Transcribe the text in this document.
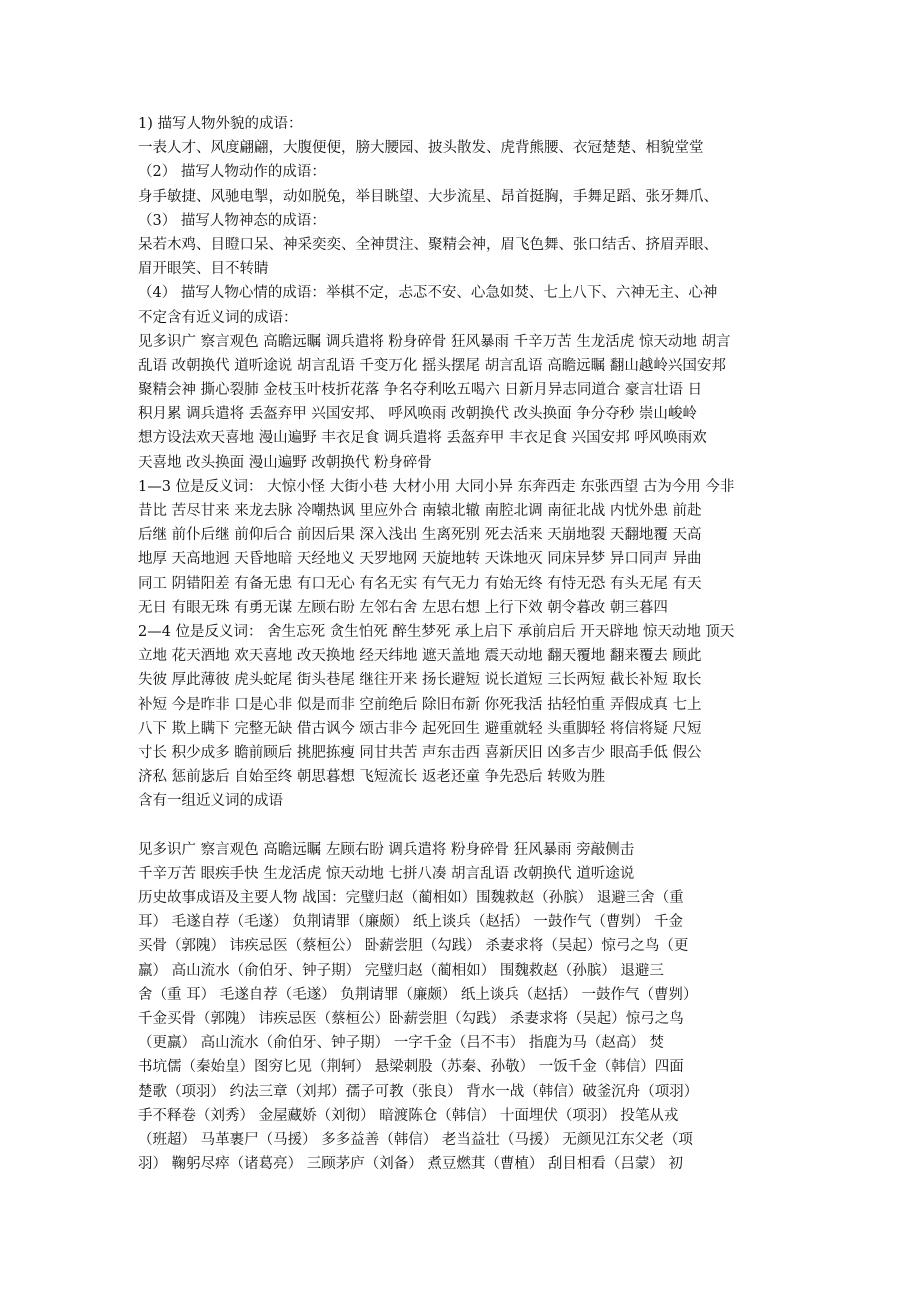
1) 描写人物外貌的成语：
一表人才、风度翩翩，大腹便便，膀大腰园、披头散发、虎背熊腰、衣冠楚楚、相貌堂堂
（2） 描写人物动作的成语：
身手敏捷、风驰电掣，动如脱兔，举目眺望、大步流星、昂首挺胸，手舞足蹈、张牙舞爪、
（3） 描写人物神态的成语：
呆若木鸡、目瞪口呆、神采奕奕、全神贯注、聚精会神，眉飞色舞、张口结舌、挤眉弄眼、
眉开眼笑、目不转睛
（4） 描写人物心情的成语：举棋不定，忐忑不安、心急如焚、七上八下、六神无主、心神
不定含有近义词的成语：
见多识广 察言观色 高瞻远瞩 调兵遣将 粉身碎骨 狂风暴雨 千辛万苦 生龙活虎 惊天动地 胡言
乱语 改朝换代 道听途说 胡言乱语 千变万化 摇头摆尾 胡言乱语 高瞻远瞩 翻山越岭兴国安邦
聚精会神 撕心裂肺 金枝玉叶枝折花落 争名夺利吆五喝六 日新月异志同道合 豪言壮语 日
积月累 调兵遣将 丢盔弃甲 兴国安邦、 呼风唤雨 改朝换代 改头换面 争分夺秒 崇山峻岭
想方设法欢天喜地 漫山遍野 丰衣足食 调兵遣将 丢盔弃甲 丰衣足食 兴国安邦 呼风唤雨欢
天喜地 改头换面 漫山遍野 改朝换代 粉身碎骨
1—3 位是反义词： 大惊小怪 大街小巷 大材小用 大同小异 东奔西走 东张西望 古为今用 今非
昔比 苦尽甘来 来龙去脉 冷嘲热讽 里应外合 南辕北辙 南腔北调 南征北战 内忧外患 前赴
后继 前仆后继 前仰后合 前因后果 深入浅出 生离死别 死去活来 天崩地裂 天翻地覆 天高
地厚 天高地迥 天昏地暗 天经地义 天罗地网 天旋地转 天诛地灭 同床异梦 异口同声 异曲
同工 阴错阳差 有备无患 有口无心 有名无实 有气无力 有始无终 有恃无恐 有头无尾 有天
无日 有眼无珠 有勇无谋 左顾右盼 左邻右舍 左思右想 上行下效 朝令暮改 朝三暮四
2—4 位是反义词： 舍生忘死 贪生怕死 醉生梦死 承上启下 承前启后 开天辟地 惊天动地 顶天
立地 花天酒地 欢天喜地 改天换地 经天纬地 遮天盖地 震天动地 翻天覆地 翻来覆去 顾此
失彼 厚此薄彼 虎头蛇尾 街头巷尾 继往开来 扬长避短 说长道短 三长两短 截长补短 取长
补短 今是昨非 口是心非 似是而非 空前绝后 除旧布新 你死我活 拈轻怕重 弄假成真 七上
八下 欺上瞒下 完整无缺 借古讽今 颂古非今 起死回生 避重就轻 头重脚轻 将信将疑 尺短
寸长 积少成多 瞻前顾后 挑肥拣瘦 同甘共苦 声东击西 喜新厌旧 凶多吉少 眼高手低 假公
济私 惩前毖后 自始至终 朝思暮想 飞短流长 返老还童 争先恐后 转败为胜
含有一组近义词的成语
见多识广 察言观色 高瞻远瞩 左顾右盼 调兵遣将 粉身碎骨 狂风暴雨 旁敲侧击
千辛万苦 眼疾手快 生龙活虎 惊天动地 七拼八凑 胡言乱语 改朝换代 道听途说
历史故事成语及主要人物 战国：完璧归赵（蔺相如）围魏救赵（孙膑） 退避三舍（重
耳） 毛遂自荐（毛遂） 负荆请罪（廉颇） 纸上谈兵（赵括） 一鼓作气（曹刿） 千金
买骨（郭隗） 讳疾忌医（蔡桓公） 卧薪尝胆（勾践） 杀妻求将（吴起）惊弓之鸟（更
羸） 高山流水（俞伯牙、钟子期） 完璧归赵（蔺相如） 围魏救赵（孙膑） 退避三
舍（重 耳） 毛遂自荐（毛遂） 负荆请罪（廉颇） 纸上谈兵（赵括） 一鼓作气（曹刿）
千金买骨（郭隗） 讳疾忌医（蔡桓公）卧薪尝胆（勾践） 杀妻求将（吴起）惊弓之鸟
（更羸） 高山流水（俞伯牙、钟子期） 一字千金（吕不韦） 指鹿为马（赵高） 焚
书坑儒（秦始皇）图穷匕见（荆轲） 悬梁刺股（苏秦、孙敬） 一饭千金（韩信）四面
楚歌（项羽） 约法三章（刘邦）孺子可教（张良） 背水一战（韩信）破釜沉舟（项羽）
手不释卷（刘秀） 金屋藏娇（刘彻） 暗渡陈仓（韩信） 十面埋伏（项羽） 投笔从戎
（班超） 马革裹尸（马援） 多多益善（韩信） 老当益壮（马援） 无颜见江东父老（项
羽） 鞠躬尽瘁（诸葛亮） 三顾茅庐（刘备） 煮豆燃萁（曹植） 刮目相看（吕蒙） 初
